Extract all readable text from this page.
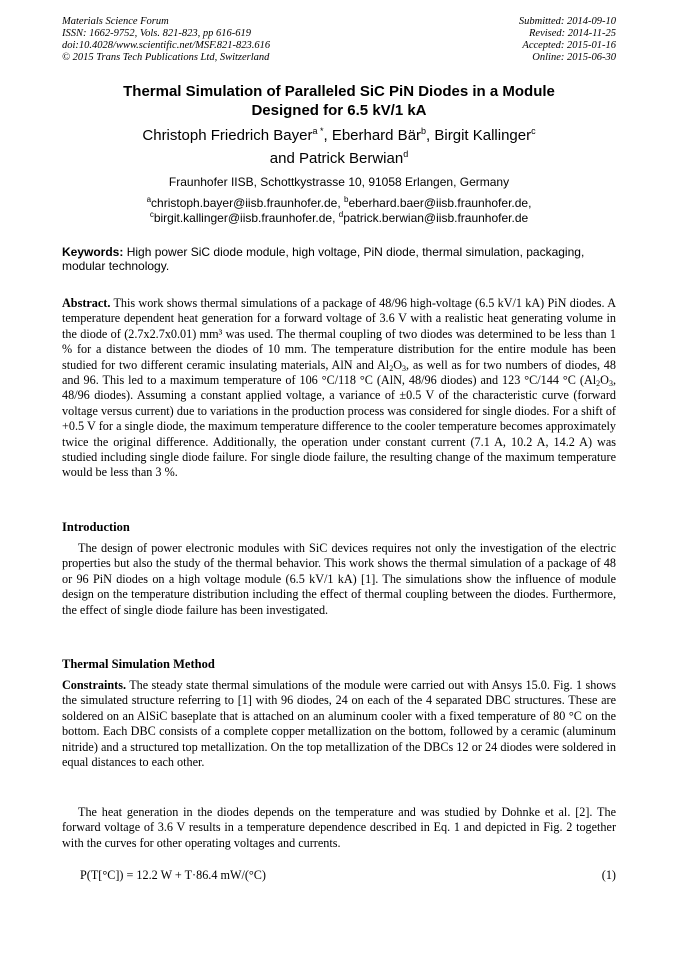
Materials Science Forum
ISSN: 1662-9752, Vols. 821-823, pp 616-619
doi:10.4028/www.scientific.net/MSF.821-823.616
© 2015 Trans Tech Publications Ltd, Switzerland
Submitted: 2014-09-10
Revised: 2014-11-25
Accepted: 2015-01-16
Online: 2015-06-30
Thermal Simulation of Paralleled SiC PiN Diodes in a Module
Designed for 6.5 kV/1 kA
Christoph Friedrich Bayer$^{a *}$, Eberhard Bär$^b$, Birgit Kallinger$^c$
and Patrick Berwian$^d$
Fraunhofer IISB, Schottkystrasse 10, 91058 Erlangen, Germany
$^a$christoph.bayer@iisb.fraunhofer.de, $^b$eberhard.baer@iisb.fraunhofer.de,
$^c$birgit.kallinger@iisb.fraunhofer.de, $^d$patrick.berwian@iisb.fraunhofer.de
Keywords: High power SiC diode module, high voltage, PiN diode, thermal simulation, packaging, modular technology.
Abstract. This work shows thermal simulations of a package of 48/96 high-voltage (6.5 kV/1 kA) PiN diodes. A temperature dependent heat generation for a forward voltage of 3.6 V with a realistic heat generating volume in the diode of (2.7x2.7x0.01) mm³ was used. The thermal coupling of two diodes was determined to be less than 1 % for a distance between the diodes of 10 mm. The temperature distribution for the entire module has been studied for two different ceramic insulating materials, AlN and $Al_2O_3$, as well as for two numbers of diodes, 48 and 96. This led to a maximum temperature of 106 °C/118 °C (AlN, 48/96 diodes) and 123 °C/144 °C ($Al_2O_3$, 48/96 diodes). Assuming a constant applied voltage, a variance of ±0.5 V of the characteristic curve (forward voltage versus current) due to variations in the production process was considered for single diodes. For a shift of +0.5 V for a single diode, the maximum temperature difference to the cooler temperature becomes approximately twice the original difference. Additionally, the operation under constant current (7.1 A, 10.2 A, 14.2 A) was studied including single diode failure. For single diode failure, the resulting change of the maximum temperature would be less than 3 %.
Introduction
The design of power electronic modules with SiC devices requires not only the investigation of the electric properties but also the study of the thermal behavior. This work shows the thermal simulation of a package of 48 or 96 PiN diodes on a high voltage module (6.5 kV/1 kA) [1]. The simulations show the influence of module design on the temperature distribution including the effect of thermal coupling between the diodes. Furthermore, the effect of single diode failure has been investigated.
Thermal Simulation Method
Constraints. The steady state thermal simulations of the module were carried out with Ansys 15.0. Fig. 1 shows the simulated structure referring to [1] with 96 diodes, 24 on each of the 4 separated DBC structures. These are soldered on an AlSiC baseplate that is attached on an aluminum cooler with a fixed temperature of 80 °C on the bottom. Each DBC consists of a complete copper metallization on the bottom, followed by a ceramic (aluminum nitride) and a structured top metallization. On the top metallization of the DBCs 12 or 24 diodes were soldered in equal distances to each other.
The heat generation in the diodes depends on the temperature and was studied by Dohnke et al. [2]. The forward voltage of 3.6 V results in a temperature dependence described in Eq. 1 and depicted in Fig. 2 together with the curves for other operating voltages and currents.
P(T[°C]) = 12.2 W + T·86.4 mW/(°C)	(1)
